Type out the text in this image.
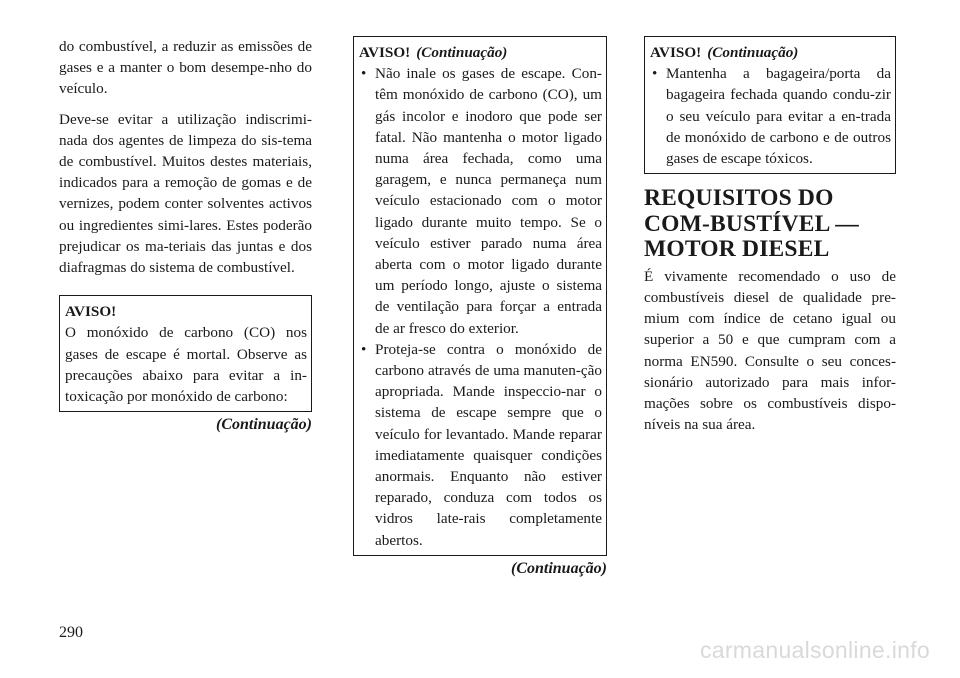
do combustível, a reduzir as emissões de gases e a manter o bom desempe-nho do veículo.

Deve-se evitar a utilização indiscrimi-nada dos agentes de limpeza do sis-tema de combustível. Muitos destes materiais, indicados para a remoção de gomas e de vernizes, podem conter solventes activos ou ingredientes simi-lares. Estes poderão prejudicar os ma-teriais das juntas e dos diafragmas do sistema de combustível.

AVISO!

O monóxido de carbono (CO) nos gases de escape é mortal. Observe as precauções abaixo para evitar a in-toxicação por monóxido de carbono:

(Continuação)
AVISO! (Continuação)
• Não inale os gases de escape. Con-têm monóxido de carbono (CO), um gás incolor e inodoro que pode ser fatal. Não mantenha o motor ligado numa área fechada, como uma garagem, e nunca permaneça num veículo estacionado com o motor ligado durante muito tempo. Se o veículo estiver parado numa área aberta com o motor ligado durante um período longo, ajuste o sistema de ventilação para forçar a entrada de ar fresco do exterior.
• Proteja-se contra o monóxido de carbono através de uma manuten-ção apropriada. Mande inspeccio-nar o sistema de escape sempre que o veículo for levantado. Mande reparar imediatamente quaisquer condições anormais. Enquanto não estiver reparado, conduza com todos os vidros late-rais completamente abertos.
(Continuação)
AVISO! (Continuação)
• Mantenha a bagageira/porta da bagageira fechada quando condu-zir o seu veículo para evitar a en-trada de monóxido de carbono e de outros gases de escape tóxicos.
REQUISITOS DO COM-BUSTÍVEL — MOTOR DIESEL

É vivamente recomendado o uso de combustíveis diesel de qualidade pre-mium com índice de cetano igual ou superior a 50 e que cumpram com a norma EN590. Consulte o seu conces-sionário autorizado para mais infor-mações sobre os combustíveis dispo-níveis na sua área.

290
carmanualsonline.info
